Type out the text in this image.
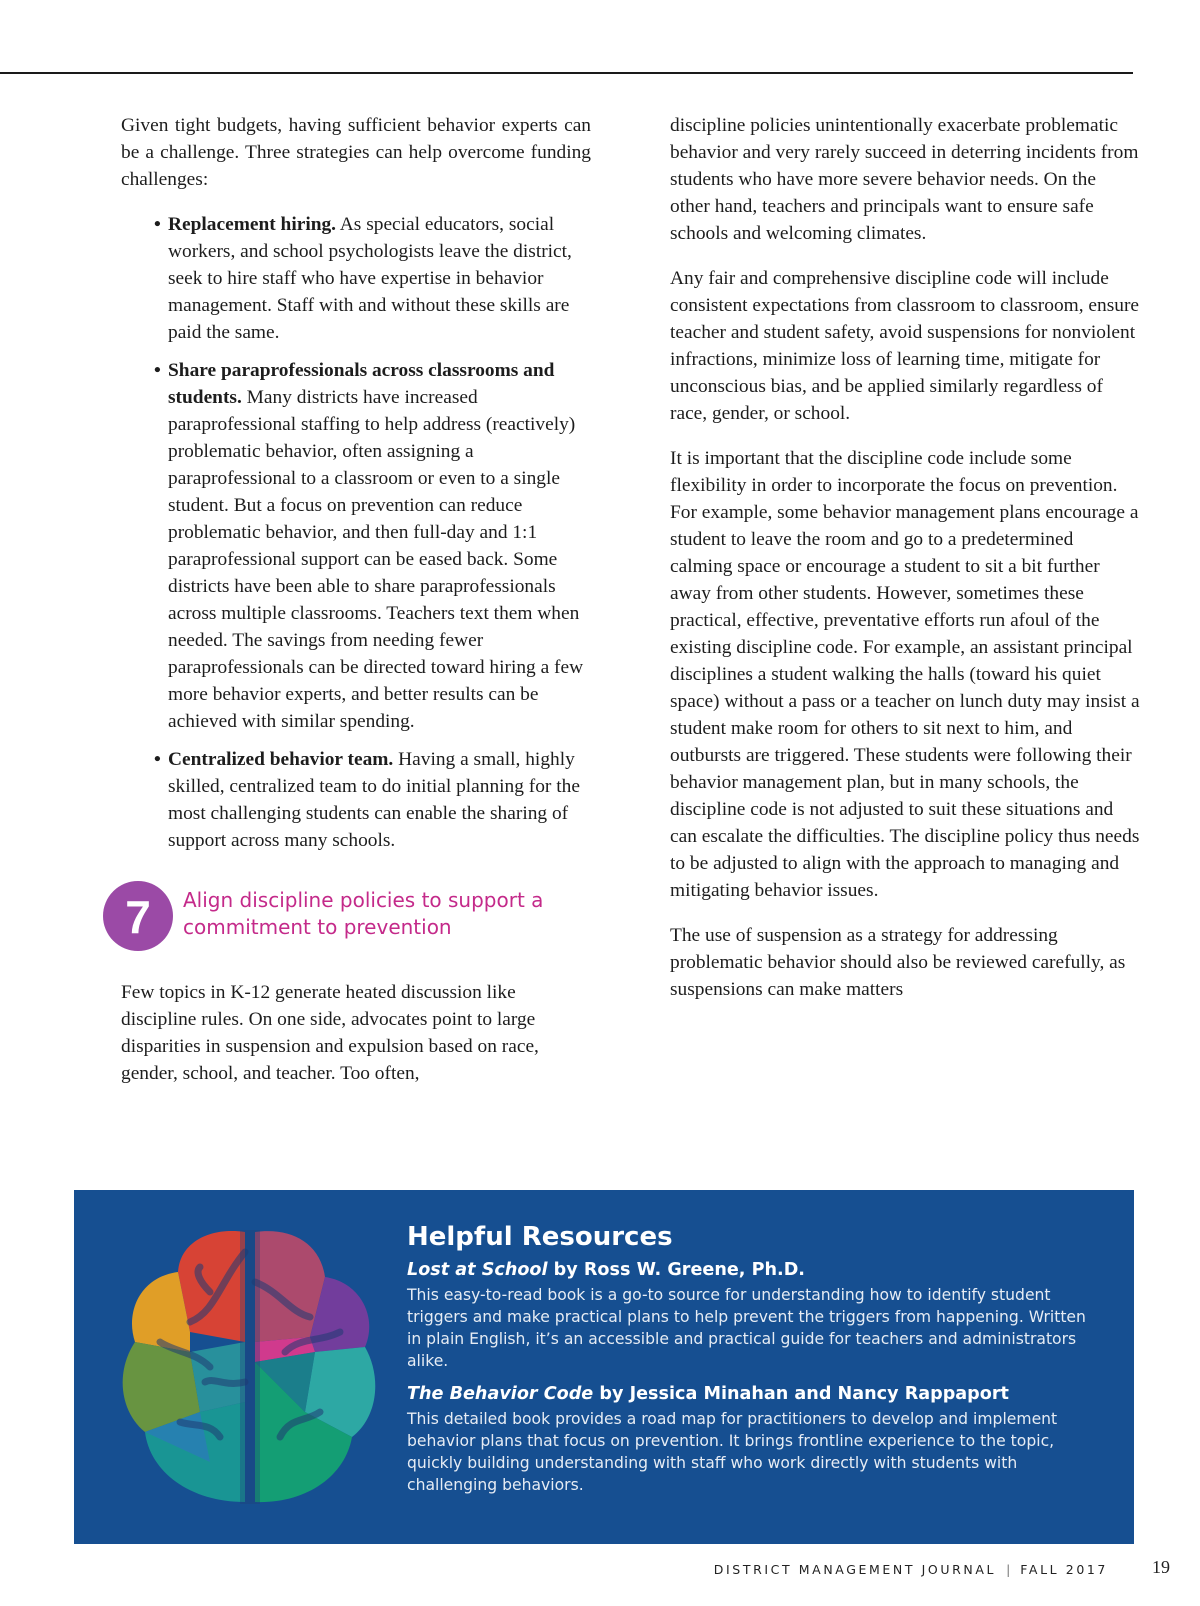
Given tight budgets, having sufficient behavior experts can be a challenge. Three strategies can help overcome funding challenges:

• Replacement hiring. As special educators, social workers, and school psychologists leave the district, seek to hire staff who have expertise in behavior management. Staff with and without these skills are paid the same.
• Share paraprofessionals across classrooms and students. Many districts have increased paraprofessional staffing to help address (reactively) problematic behavior, often assigning a paraprofessional to a classroom or even to a single student. But a focus on prevention can reduce problematic behavior, and then full-day and 1:1 paraprofessional support can be eased back. Some districts have been able to share paraprofessionals across multiple classrooms. Teachers text them when needed. The savings from needing fewer paraprofessionals can be directed toward hiring a few more behavior experts, and better results can be achieved with similar spending.
• Centralized behavior team. Having a small, highly skilled, centralized team to do initial planning for the most challenging students can enable the sharing of support across many schools.
7	Align discipline policies to support a commitment to prevention

Few topics in K-12 generate heated discussion like discipline rules. On one side, advocates point to large disparities in suspension and expulsion based on race, gender, school, and teacher. Too often,

discipline policies unintentionally exacerbate problematic behavior and very rarely succeed in deterring incidents from students who have more severe behavior needs. On the other hand, teachers and principals want to ensure safe schools and welcoming climates.

Any fair and comprehensive discipline code will include consistent expectations from classroom to classroom, ensure teacher and student safety, avoid suspensions for nonviolent infractions, minimize loss of learning time, mitigate for unconscious bias, and be applied similarly regardless of race, gender, or school.

It is important that the discipline code include some flexibility in order to incorporate the focus on prevention. For example, some behavior management plans encourage a student to leave the room and go to a predetermined calming space or encourage a student to sit a bit further away from other students. However, sometimes these practical, effective, preventative efforts run afoul of the existing discipline code. For example, an assistant principal disciplines a student walking the halls (toward his quiet space) without a pass or a teacher on lunch duty may insist a student make room for others to sit next to him, and outbursts are triggered. These students were following their behavior management plan, but in many schools, the discipline code is not adjusted to suit these situations and can escalate the difficulties. The discipline policy thus needs to be adjusted to align with the approach to managing and mitigating behavior issues.

The use of suspension as a strategy for addressing problematic behavior should also be reviewed carefully, as suspensions can make matters

Helpful Resources
Lost at School by Ross W. Greene, Ph.D.
This easy-to-read book is a go-to source for understanding how to identify student triggers and make practical plans to help prevent the triggers from happening. Written in plain English, it’s an accessible and practical guide for teachers and administrators alike.
The Behavior Code by Jessica Minahan and Nancy Rappaport
This detailed book provides a road map for practitioners to develop and implement behavior plans that focus on prevention. It brings frontline experience to the topic, quickly building understanding with staff who work directly with students with challenging behaviors.
DISTRICT MANAGEMENT JOURNAL | FALL 2017 19
